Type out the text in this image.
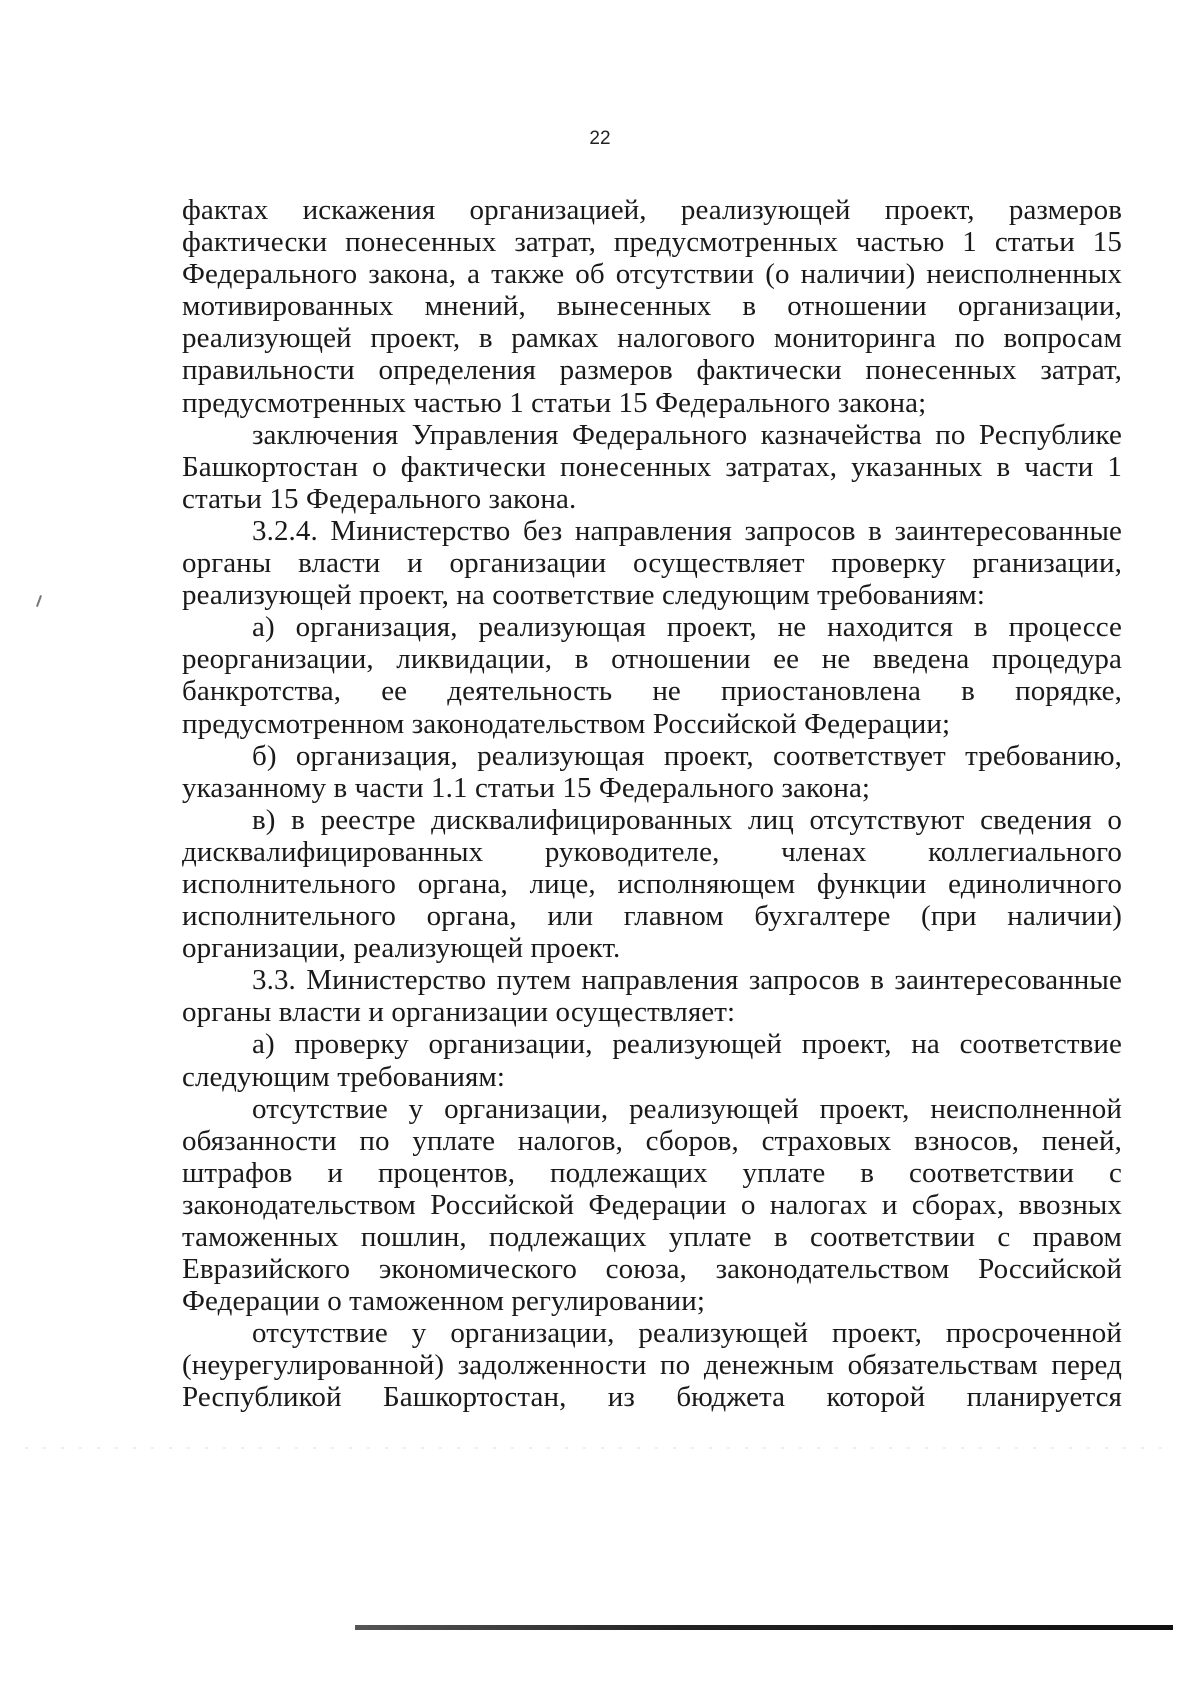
22

фактах искажения организацией, реализующей проект, размеров фактически понесенных затрат, предусмотренных частью 1 статьи 15 Федерального закона, а также об отсутствии (о наличии) неисполненных мотивированных мнений, вынесенных в отношении организации, реализующей проект, в рамках налогового мониторинга по вопросам правильности определения размеров фактически понесенных затрат, предусмотренных частью 1 статьи 15 Федерального закона;

заключения Управления Федерального казначейства по Республике Башкортостан о фактически понесенных затратах, указанных в части 1 статьи 15 Федерального закона.

3.2.4. Министерство без направления запросов в заинтересованные органы власти и организации осуществляет проверку рганизации, реализующей проект, на соответствие следующим требованиям:

а) организация, реализующая проект, не находится в процессе реорганизации, ликвидации, в отношении ее не введена процедура банкротства, ее деятельность не приостановлена в порядке, предусмотренном законодательством Российской Федерации;

б) организация, реализующая проект, соответствует требованию, указанному в части 1.1 статьи 15 Федерального закона;

в) в реестре дисквалифицированных лиц отсутствуют сведения о дисквалифицированных руководителе, членах коллегиального исполнительного органа, лице, исполняющем функции единоличного исполнительного органа, или главном бухгалтере (при наличии) организации, реализующей проект.

3.3. Министерство путем направления запросов в заинтересованные органы власти и организации осуществляет:

а) проверку организации, реализующей проект, на соответствие следующим требованиям:

отсутствие у организации, реализующей проект, неисполненной обязанности по уплате налогов, сборов, страховых взносов, пеней, штрафов и процентов, подлежащих уплате в соответствии с законодательством Российской Федерации о налогах и сборах, ввозных таможенных пошлин, подлежащих уплате в соответствии с правом Евразийского экономического союза, законодательством Российской Федерации о таможенном регулировании;

отсутствие у организации, реализующей проект, просроченной (неурегулированной) задолженности по денежным обязательствам перед Республикой Башкортостан, из бюджета которой планируется
